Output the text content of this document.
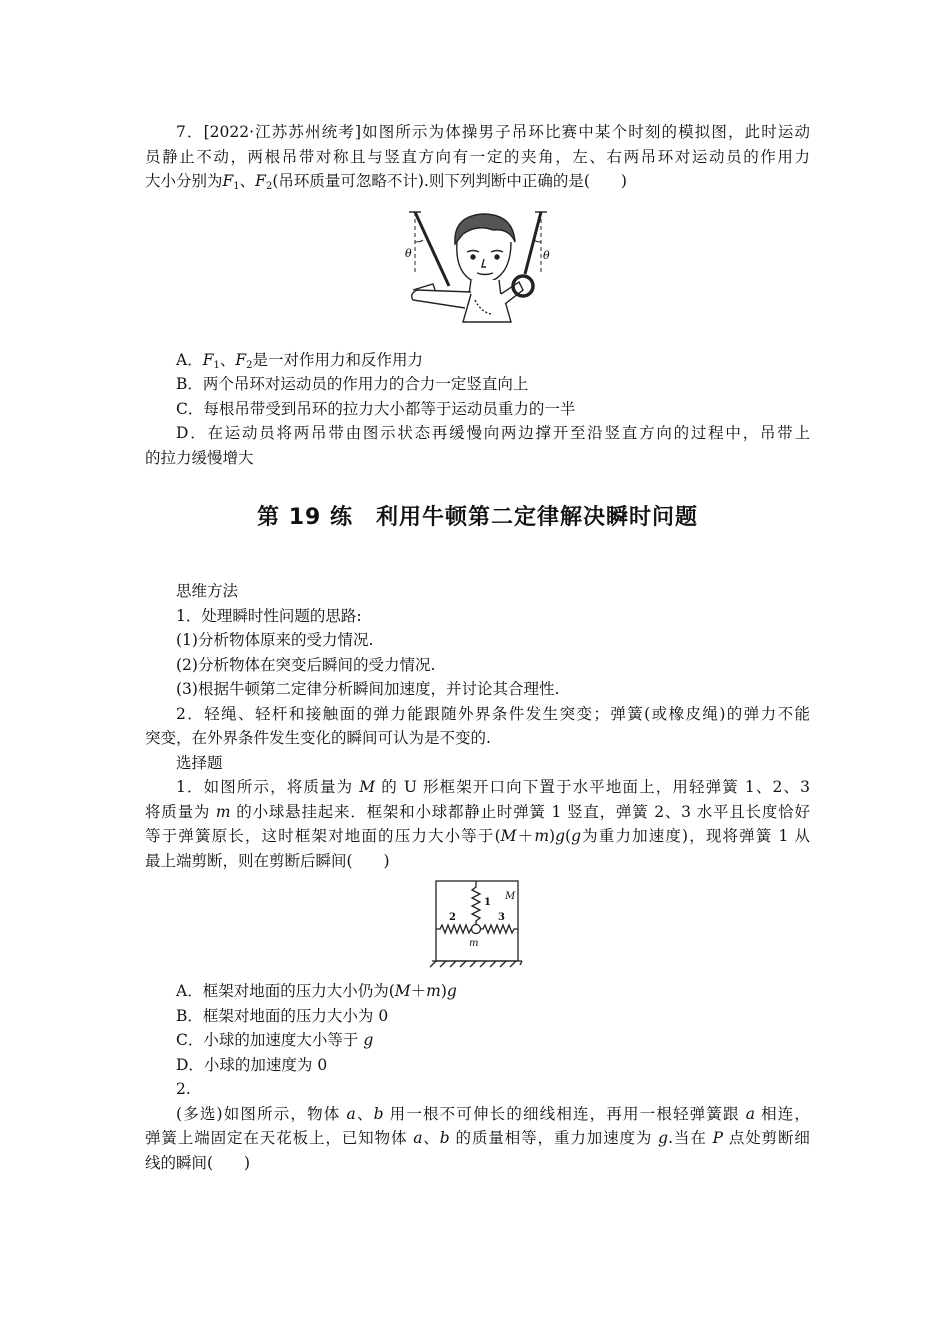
7．[2022·江苏苏州统考]如图所示为体操男子吊环比赛中某个时刻的模拟图，此时运动
员静止不动，两根吊带对称且与竖直方向有一定的夹角，左、右两吊环对运动员的作用力
大小分别为$F_1$、$F_2$(吊环质量可忽略不计).则下列判断中正确的是(　　)
θ	θ
A．$F_1$、$F_2$是一对作用力和反作用力
B．两个吊环对运动员的作用力的合力一定竖直向上
C．每根吊带受到吊环的拉力大小都等于运动员重力的一半
D．在运动员将两吊带由图示状态再缓慢向两边撑开至沿竖直方向的过程中，吊带上
的拉力缓慢增大
第 19 练　利用牛顿第二定律解决瞬时问题
思维方法
1．处理瞬时性问题的思路:
(1)分析物体原来的受力情况.
(2)分析物体在突变后瞬间的受力情况.
(3)根据牛顿第二定律分析瞬间加速度，并讨论其合理性.
2．轻绳、轻杆和接触面的弹力能跟随外界条件发生突变；弹簧(或橡皮绳)的弹力不能
突变，在外界条件发生变化的瞬间可认为是不变的.
选择题
1．如图所示，将质量为 M 的 U 形框架开口向下置于水平地面上，用轻弹簧 1、2、3
将质量为 m 的小球悬挂起来．框架和小球都静止时弹簧 1 竖直，弹簧 2、3 水平且长度恰好
等于弹簧原长，这时框架对地面的压力大小等于(M＋m)g(g为重力加速度)，现将弹簧 1 从
最上端剪断，则在剪断后瞬间(　　)
1
2	3
M
m
A．框架对地面的压力大小仍为(M＋m)g
B．框架对地面的压力大小为 0
C．小球的加速度大小等于 g
D．小球的加速度为 0
2.
(多选)如图所示，物体 a、b 用一根不可伸长的细线相连，再用一根轻弹簧跟 a 相连，
弹簧上端固定在天花板上，已知物体 a、b 的质量相等，重力加速度为 g.当在 P 点处剪断细
线的瞬间(　　)
